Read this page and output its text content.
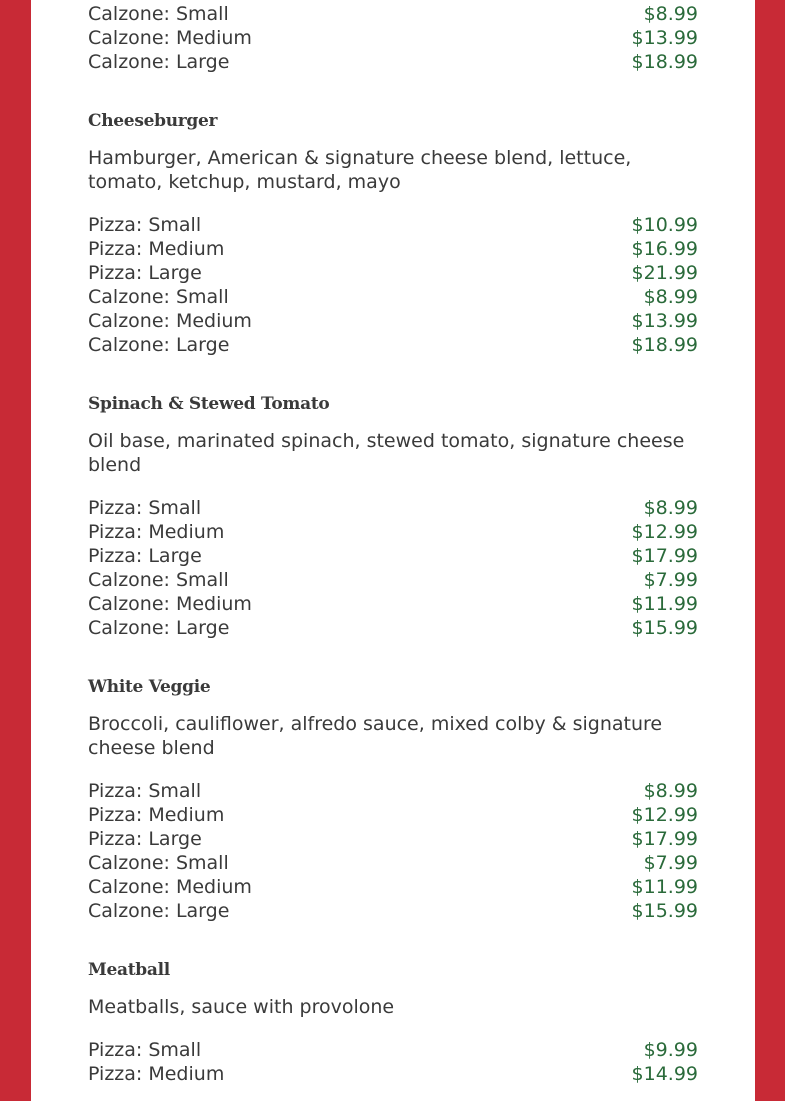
Calzone: Small	$8.99
Calzone: Medium	$13.99
Calzone: Large	$18.99
Cheeseburger
Hamburger, American & signature cheese blend, lettuce, tomato, ketchup, mustard, mayo
Pizza: Small	$10.99
Pizza: Medium	$16.99
Pizza: Large	$21.99
Calzone: Small	$8.99
Calzone: Medium	$13.99
Calzone: Large	$18.99
Spinach & Stewed Tomato
Oil base, marinated spinach, stewed tomato, signature cheese blend
Pizza: Small	$8.99
Pizza: Medium	$12.99
Pizza: Large	$17.99
Calzone: Small	$7.99
Calzone: Medium	$11.99
Calzone: Large	$15.99
White Veggie
Broccoli, cauliflower, alfredo sauce, mixed colby & signature cheese blend
Pizza: Small	$8.99
Pizza: Medium	$12.99
Pizza: Large	$17.99
Calzone: Small	$7.99
Calzone: Medium	$11.99
Calzone: Large	$15.99
Meatball
Meatballs, sauce with provolone
Pizza: Small	$9.99
Pizza: Medium	$14.99
